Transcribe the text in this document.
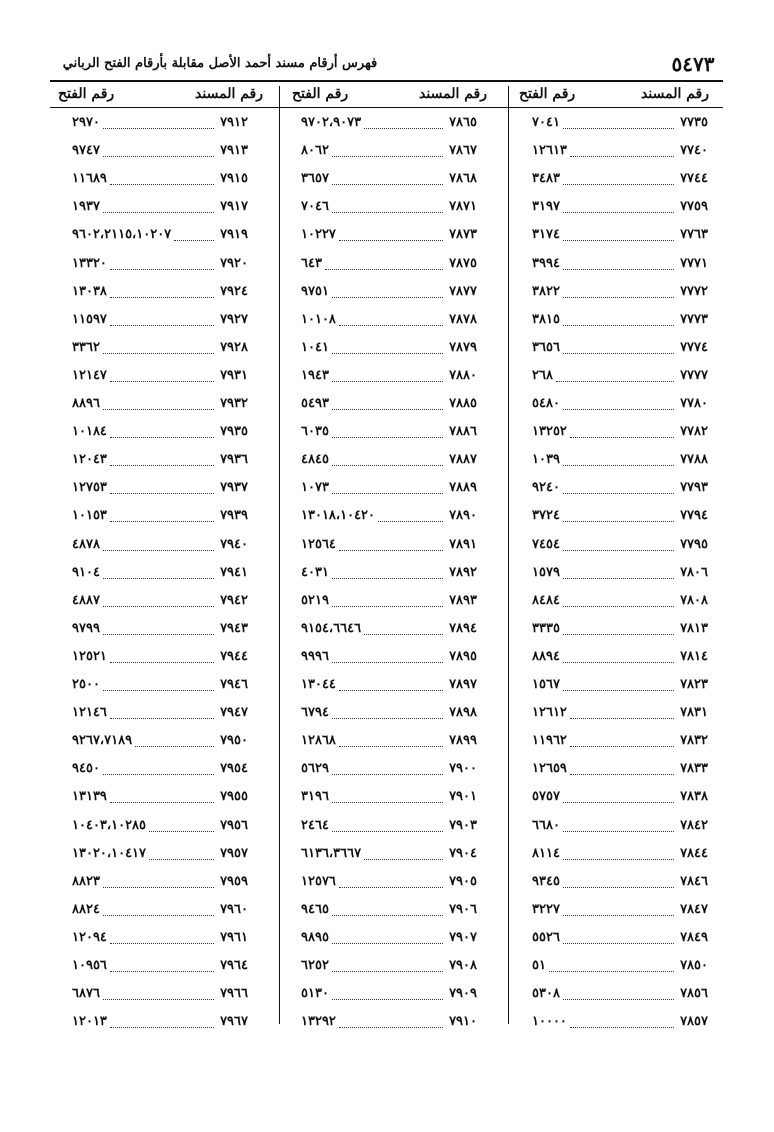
٥٤٧٣
فهرس أرقام مسند أحمد الأصل مقابلة بأرقام الفتح الرباني
رقم المسند
رقم الفتح
رقم المسند
رقم الفتح
رقم المسند
رقم الفتح
٧٠٤١	٧٧٣٥
١٢٦١٣	٧٧٤٠
٣٤٨٣	٧٧٤٤
٣١٩٧	٧٧٥٩
٣١٧٤	٧٧٦٣
٣٩٩٤	٧٧٧١
٣٨٢٢	٧٧٧٢
٣٨١٥	٧٧٧٣
٣٦٥٦	٧٧٧٤
٢٦٨	٧٧٧٧
٥٤٨٠	٧٧٨٠
١٣٢٥٢	٧٧٨٢
١٠٣٩	٧٧٨٨
٩٢٤٠	٧٧٩٣
٣٧٢٤	٧٧٩٤
٧٤٥٤	٧٧٩٥
١٥٧٩	٧٨٠٦
٨٤٨٤	٧٨٠٨
٣٣٣٥	٧٨١٣
٨٨٩٤	٧٨١٤
١٥٦٧	٧٨٢٣
١٢٦١٢	٧٨٣١
١١٩٦٢	٧٨٣٢
١٢٦٥٩	٧٨٣٣
٥٧٥٧	٧٨٣٨
٦٦٨٠	٧٨٤٢
٨١١٤	٧٨٤٤
٩٣٤٥	٧٨٤٦
٣٢٢٧	٧٨٤٧
٥٥٢٦	٧٨٤٩
٥١	٧٨٥٠
٥٣٠٨	٧٨٥٦
١٠٠٠٠	٧٨٥٧
٩٧٠٢،٩٠٧٣	٧٨٦٥
٨٠٦٢	٧٨٦٧
٣٦٥٧	٧٨٦٨
٧٠٤٦	٧٨٧١
١٠٢٢٧	٧٨٧٣
٦٤٣	٧٨٧٥
٩٧٥١	٧٨٧٧
١٠١٠٨	٧٨٧٨
١٠٤١	٧٨٧٩
١٩٤٣	٧٨٨٠
٥٤٩٣	٧٨٨٥
٦٠٣٥	٧٨٨٦
٤٨٤٥	٧٨٨٧
١٠٧٣	٧٨٨٩
١٣٠١٨،١٠٤٢٠	٧٨٩٠
١٢٥٦٤	٧٨٩١
٤٠٣١	٧٨٩٢
٥٢١٩	٧٨٩٣
٩١٥٤،٦٦٤٦	٧٨٩٤
٩٩٩٦	٧٨٩٥
١٣٠٤٤	٧٨٩٧
٦٧٩٤	٧٨٩٨
١٢٨٦٨	٧٨٩٩
٥٦٢٩	٧٩٠٠
٣١٩٦	٧٩٠١
٢٤٦٤	٧٩٠٣
٦١٣٦،٣٦٦٧	٧٩٠٤
١٢٥٧٦	٧٩٠٥
٩٤٦٥	٧٩٠٦
٩٨٩٥	٧٩٠٧
٦٢٥٢	٧٩٠٨
٥١٣٠	٧٩٠٩
١٣٢٩٢	٧٩١٠
٢٩٧٠	٧٩١٢
٩٧٤٧	٧٩١٣
١١٦٨٩	٧٩١٥
١٩٣٧	٧٩١٧
٩٦٠٢،٢١١٥،١٠٢٠٧	٧٩١٩
١٣٣٢٠	٧٩٢٠
١٣٠٣٨	٧٩٢٤
١١٥٩٧	٧٩٢٧
٣٣٦٢	٧٩٢٨
١٢١٤٧	٧٩٣١
٨٨٩٦	٧٩٣٢
١٠١٨٤	٧٩٣٥
١٢٠٤٣	٧٩٣٦
١٢٧٥٣	٧٩٣٧
١٠١٥٣	٧٩٣٩
٤٨٧٨	٧٩٤٠
٩١٠٤	٧٩٤١
٤٨٨٧	٧٩٤٢
٩٧٩٩	٧٩٤٣
١٢٥٢١	٧٩٤٤
٢٥٠٠	٧٩٤٦
١٢١٤٦	٧٩٤٧
٩٢٦٧،٧١٨٩	٧٩٥٠
٩٤٥٠	٧٩٥٤
١٣١٣٩	٧٩٥٥
١٠٤٠٣،١٠٢٨٥	٧٩٥٦
١٣٠٢٠،١٠٤١٧	٧٩٥٧
٨٨٢٣	٧٩٥٩
٨٨٢٤	٧٩٦٠
١٢٠٩٤	٧٩٦١
١٠٩٥٦	٧٩٦٤
٦٨٧٦	٧٩٦٦
١٢٠١٣	٧٩٦٧
